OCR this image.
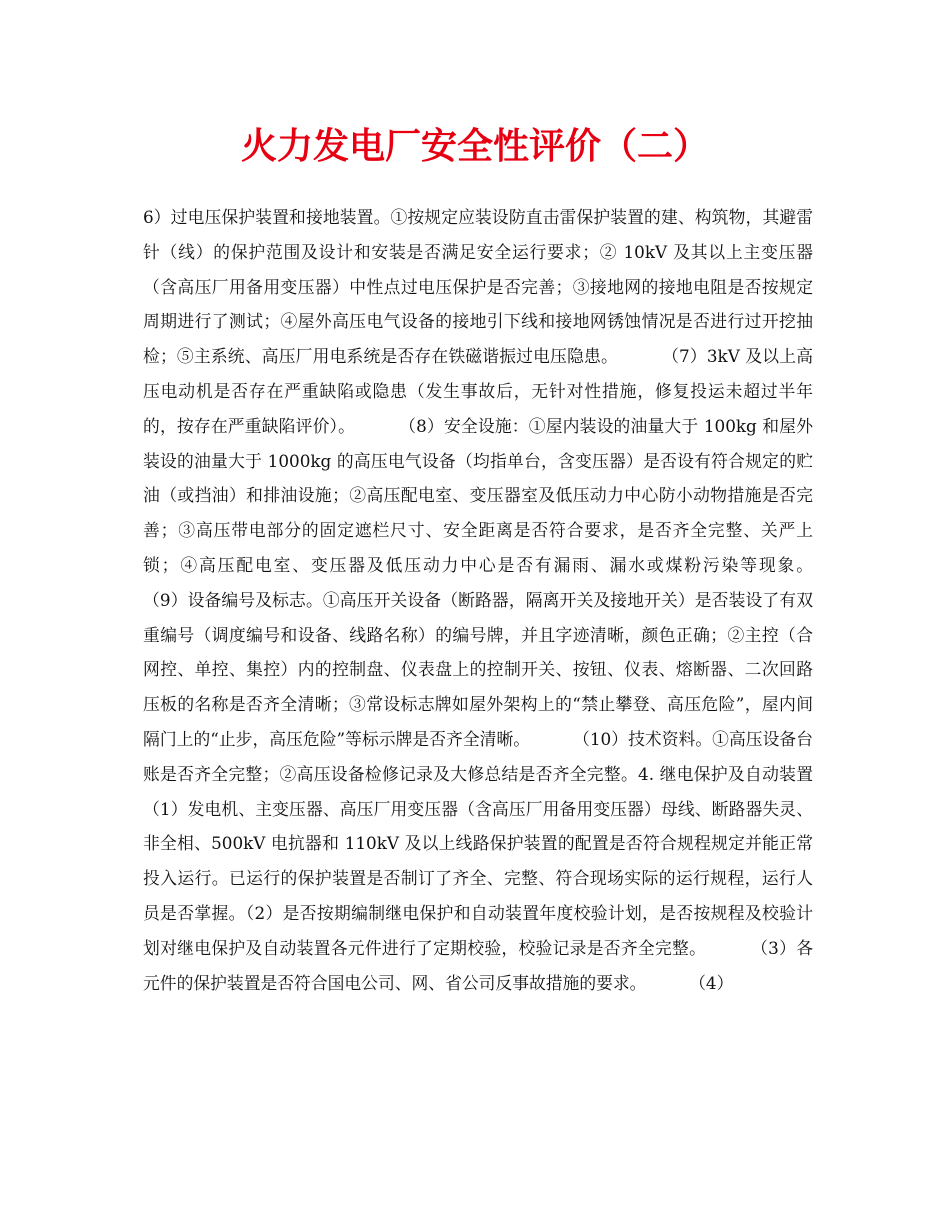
火力发电厂安全性评价（二）

6）过电压保护装置和接地装置。①按规定应装设防直击雷保护装置的建、构筑物，其避雷针（线）的保护范围及设计和安装是否满足安全运行要求；② 10kV 及其以上主变压器（含高压厂用备用变压器）中性点过电压保护是否完善；③接地网的接地电阻是否按规定周期进行了测试；④屋外高压电气设备的接地引下线和接地网锈蚀情况是否进行过开挖抽检；⑤主系统、高压厂用电系统是否存在铁磁谐振过电压隐患。        （7）3kV 及以上高压电动机是否存在严重缺陷或隐患（发生事故后，无针对性措施，修复投运未超过半年的，按存在严重缺陷评价）。        （8）安全设施：①屋内装设的油量大于 100kg 和屋外装设的油量大于 1000kg 的高压电气设备（均指单台，含变压器）是否设有符合规定的贮油（或挡油）和排油设施；②高压配电室、变压器室及低压动力中心防小动物措施是否完善；③高压带电部分的固定遮栏尺寸、安全距离是否符合要求，是否齐全完整、关严上锁；④高压配电室、变压器及低压动力中心是否有漏雨、漏水或煤粉污染等现象。        （9）设备编号及标志。①高压开关设备（断路器，隔离开关及接地开关）是否装设了有双重编号（调度编号和设备、线路名称）的编号牌，并且字迹清晰，颜色正确；②主控（合网控、单控、集控）内的控制盘、仪表盘上的控制开关、按钮、仪表、熔断器、二次回路压板的名称是否齐全清晰；③常设标志牌如屋外架构上的“禁止攀登、高压危险”，屋内间隔门上的“止步，高压危险”等标示牌是否齐全清晰。        （10）技术资料。①高压设备台账是否齐全完整；②高压设备检修记录及大修总结是否齐全完整。4. 继电保护及自动装置        （1）发电机、主变压器、高压厂用变压器（含高压厂用备用变压器）母线、断路器失灵、非全相、500kV 电抗器和 110kV 及以上线路保护装置的配置是否符合规程规定并能正常投入运行。已运行的保护装置是否制订了齐全、完整、符合现场实际的运行规程，运行人员是否掌握。（2）是否按期编制继电保护和自动装置年度校验计划，是否按规程及校验计划对继电保护及自动装置各元件进行了定期校验，校验记录是否齐全完整。        （3）各元件的保护装置是否符合国电公司、网、省公司反事故措施的要求。        （4）
